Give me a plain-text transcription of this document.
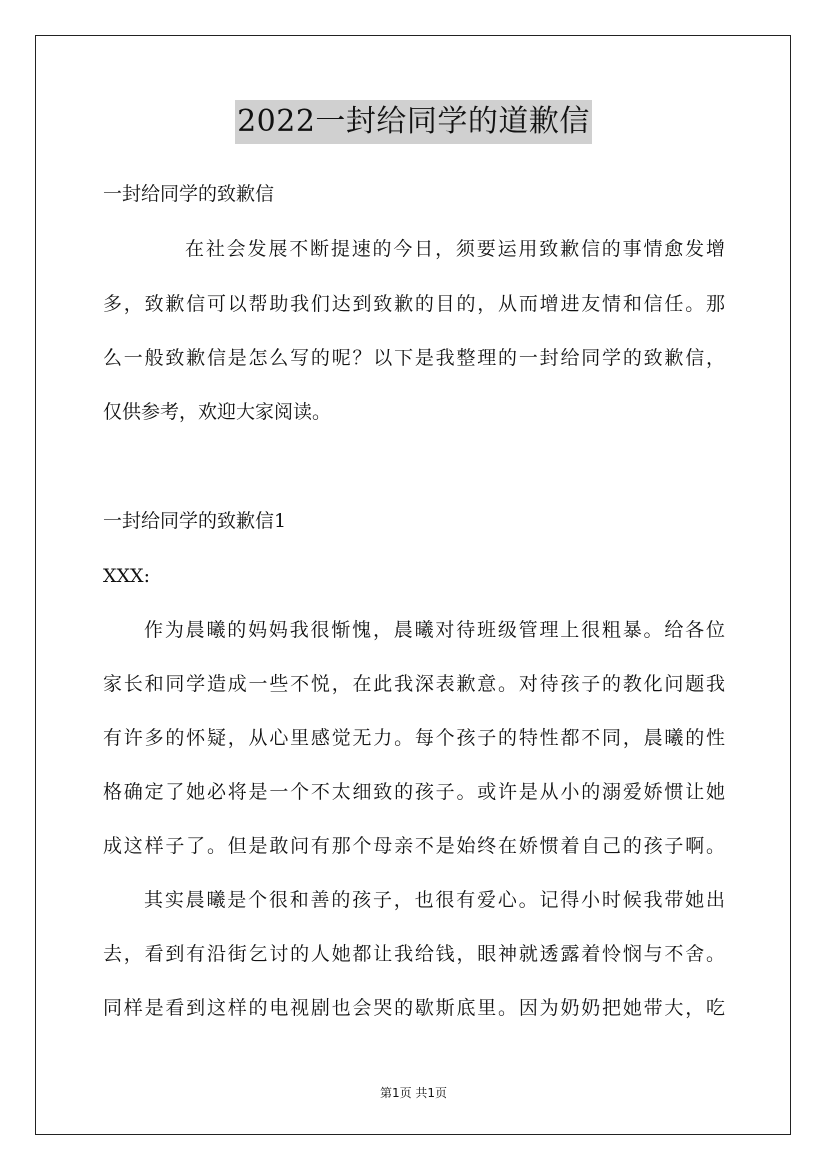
2022一封给同学的道歉信
一封给同学的致歉信
在社会发展不断提速的今日，须要运用致歉信的事情愈发增
多，致歉信可以帮助我们达到致歉的目的，从而增进友情和信任。那
么一般致歉信是怎么写的呢？以下是我整理的一封给同学的致歉信，
仅供参考，欢迎大家阅读。
一封给同学的致歉信1
XXX:
作为晨曦的妈妈我很惭愧，晨曦对待班级管理上很粗暴。给各位
家长和同学造成一些不悦，在此我深表歉意。对待孩子的教化问题我
有许多的怀疑，从心里感觉无力。每个孩子的特性都不同，晨曦的性
格确定了她必将是一个不太细致的孩子。或许是从小的溺爱娇惯让她
成这样子了。但是敢问有那个母亲不是始终在娇惯着自己的孩子啊。
其实晨曦是个很和善的孩子，也很有爱心。记得小时候我带她出
去，看到有沿街乞讨的人她都让我给钱，眼神就透露着怜悯与不舍。
同样是看到这样的电视剧也会哭的歇斯底里。因为奶奶把她带大，吃
第1页 共1页
